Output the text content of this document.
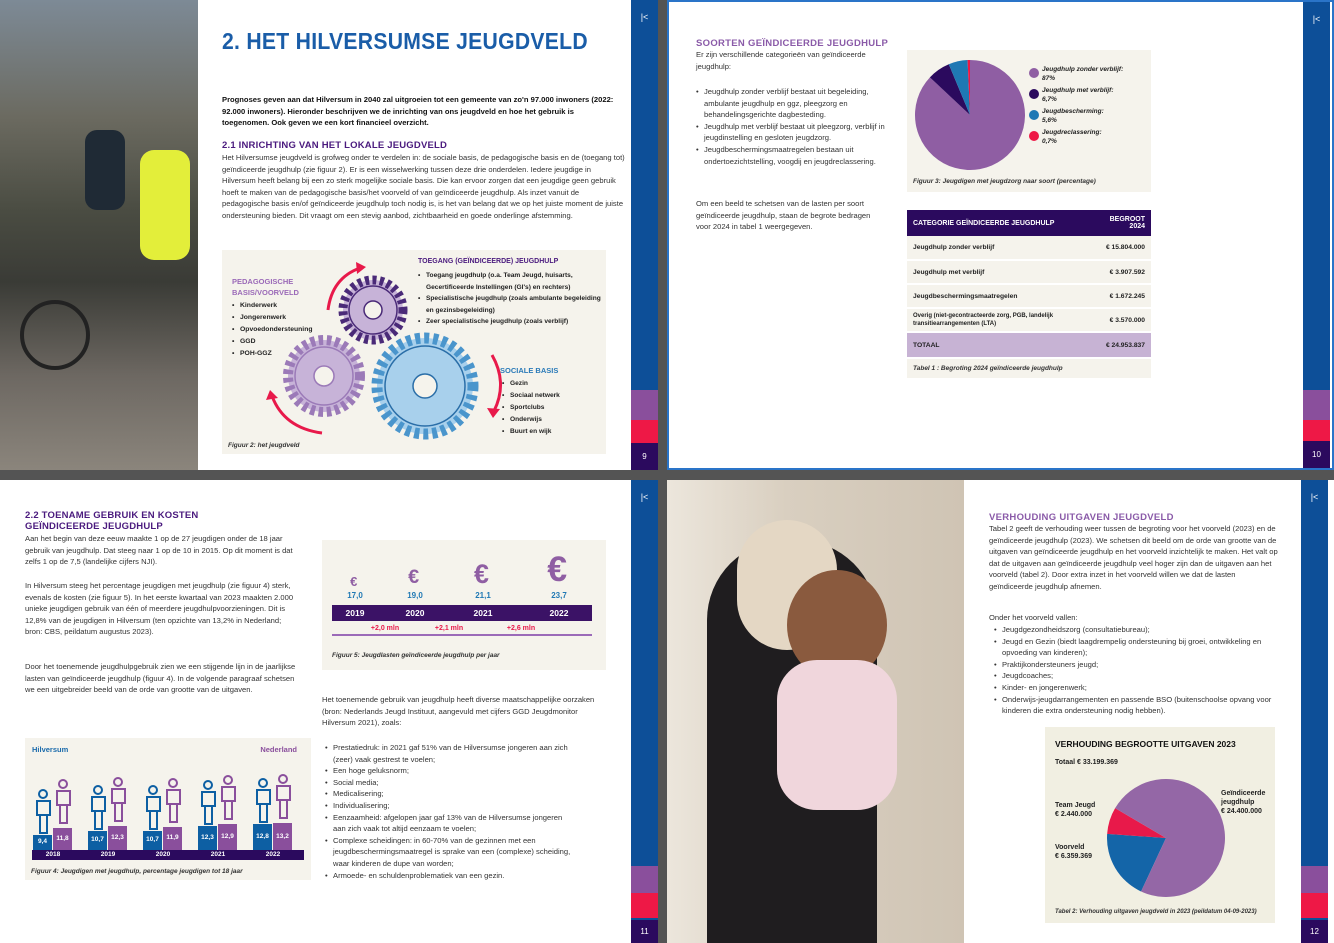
2. HET HILVERSUMSE JEUGDVELD
Prognoses geven aan dat Hilversum in 2040 zal uitgroeien tot een gemeente van zo'n 97.000 inwoners (2022: 92.000 inwoners). Hieronder beschrijven we de inrichting van ons jeugdveld en hoe het gebruik is toegenomen. Ook geven we een kort financieel overzicht.
2.1 INRICHTING VAN HET LOKALE JEUGDVELD
Het Hilversumse jeugdveld is grofweg onder te verdelen in: de sociale basis, de pedagogische basis en de (toegang tot) geïndiceerde jeugdhulp (zie figuur 2). Er is een wisselwerking tussen deze drie onderdelen. Iedere jeugdige in Hilversum heeft belang bij een zo sterk mogelijke sociale basis. Die kan ervoor zorgen dat een jeugdige geen gebruik hoeft te maken van de pedagogische basis/het voorveld of van geïndiceerde jeugdhulp. Als inzet vanuit de pedagogische basis en/of geïndiceerde jeugdhulp toch nodig is, is het van belang dat we op het juiste moment de juiste ondersteuning bieden. Dit vraagt om een stevig aanbod, zichtbaarheid en goede onderlinge afstemming.
PEDAGOGISCHE
BASIS/VOORVELD
• Kinderwerk
• Jongerenwerk
• Opvoedondersteuning
• GGD
• POH-GGZ
TOEGANG (GEÏNDICEERDE) JEUGDHULP
• Toegang jeugdhulp (o.a. Team Jeugd, huisarts, Gecertificeerde Instellingen (GI's) en rechters)
• Specialistische jeugdhulp (zoals ambulante begeleiding en gezinsbegeleiding)
• Zeer specialistische jeugdhulp (zoals verblijf)
SOCIALE BASIS
• Gezin
• Sociaal netwerk
• Sportclubs
• Onderwijs
• Buurt en wijk
Figuur 2: het jeugdveld
|<
9
SOORTEN GEÏNDICEERDE JEUGDHULP
Er zijn verschillende categorieën van geïndiceerde jeugdhulp:
• Jeugdhulp zonder verblijf bestaat uit begeleiding, ambulante jeugdhulp en ggz, pleegzorg en behandelingsgerichte dagbesteding.
• Jeugdhulp met verblijf bestaat uit pleegzorg, verblijf in jeugdinstelling en gesloten jeugdzorg.
• Jeugdbeschermingsmaatregelen bestaan uit ondertoezichtstelling, voogdij en jeugdreclassering.
Om een beeld te schetsen van de lasten per soort geïndiceerde jeugdhulp, staan de begrote bedragen voor 2024 in tabel 1 weergegeven.
Jeugdhulp zonder verblijf:
87%
Jeugdhulp met verblijf:
6,7%
Jeugdbescherming:
5,6%
Jeugdreclassering:
0,7%
Figuur 3: Jeugdigen met jeugdzorg naar soort (percentage)
CATEGORIE GEÏNDICEERDE JEUGDHULP	BEGROOT 2024
Jeugdhulp zonder verblijf	€ 15.804.000
Jeugdhulp met verblijf	€ 3.907.592
Jeugdbeschermingsmaatregelen	€ 1.672.245
Overig (niet-gecontracteerde zorg, PGB, landelijk transitiearrangementen (LTA)	€ 3.570.000
TOTAAL	€ 24.953.837
Tabel 1 : Begroting 2024 geïndiceerde jeugdhulp
|<
10
2.2 TOENAME GEBRUIK EN KOSTEN
GEÏNDICEERDE JEUGDHULP
Aan het begin van deze eeuw maakte 1 op de 27 jeugdigen onder de 18 jaar gebruik van jeugdhulp. Dat steeg naar 1 op de 10 in 2015. Op dit moment is dat zelfs 1 op de 7,5 (landelijke cijfers NJI).
In Hilversum steeg het percentage jeugdigen met jeugdhulp (zie figuur 4) sterk, evenals de kosten (zie figuur 5). In het eerste kwartaal van 2023 maakten 2.000 unieke jeugdigen gebruik van één of meerdere jeugdhulpvoorzieningen. Dit is 12,8% van de jeugdigen in Hilversum (ten opzichte van 13,2% in Nederland; bron: CBS, peildatum augustus 2023).
Door het toenemende jeugdhulpgebruik zien we een stijgende lijn in de jaarlijkse lasten van geïndiceerde jeugdhulp (figuur 4). In de volgende paragraaf schetsen we een uitgebreider beeld van de orde van grootte van de uitgaven.
€
17,0
€
19,0
€
21,1
€
23,7
2019	2020	2021	2022
+2,0 mln	+2,1 mln	+2,6 mln
Figuur 5: Jeugdlasten geïndiceerde jeugdhulp per jaar
Het toenemende gebruik van jeugdhulp heeft diverse maatschappelijke oorzaken (bron: Nederlands Jeugd Instituut, aangevuld met cijfers GGD Jeugdmonitor Hilversum 2021), zoals:
• Prestatiedruk: in 2021 gaf 51% van de Hilversumse jongeren aan zich (zeer) vaak gestrest te voelen;
• Een hoge geluksnorm;
• Social media;
• Medicalisering;
• Individualisering;
• Eenzaamheid: afgelopen jaar gaf 13% van de Hilversumse jongeren aan zich vaak tot altijd eenzaam te voelen;
• Complexe scheidingen: in 60-70% van de gezinnen met een jeugdbeschermingsmaatregel is sprake van een (complexe) scheiding, waar kinderen de dupe van worden;
• Armoede- en schuldenproblematiek van een gezin.
Hilversum	Nederland
9,4
11,8
2018
10,7	12,3
2019
10,7	11,9
2020
12,3	12,9
2021
12,8	13,2
2022
Figuur 4: Jeugdigen met jeugdhulp, percentage jeugdigen tot 18 jaar
|<
11
VERHOUDING UITGAVEN JEUGDVELD
Tabel 2 geeft de verhouding weer tussen de begroting voor het voorveld (2023) en de geïndiceerde jeugdhulp (2023). We schetsen dit beeld om de orde van grootte van de uitgaven van geïndiceerde jeugdhulp en het voorveld inzichtelijk te maken. Het valt op dat de uitgaven aan geïndiceerde jeugdhulp veel hoger zijn dan de uitgaven aan het voorveld (tabel 2). Door extra inzet in het voorveld willen we dat de lasten geïndiceerde jeugdhulp afnemen.
Onder het voorveld vallen:
• Jeugdgezondheidszorg (consultatiebureau);
• Jeugd en Gezin (biedt laagdrempelig ondersteuning bij groei, ontwikkeling en opvoeding van kinderen);
• Praktijkondersteuners jeugd;
• Jeugdcoaches;
• Kinder- en jongerenwerk;
• Onderwijs-jeugdarrangementen en passende BSO (buitenschoolse opvang voor kinderen die extra ondersteuning nodig hebben).
VERHOUDING BEGROOTTE UITGAVEN 2023
Totaal € 33.199.369
Team Jeugd
€ 2.440.000
Voorveld
€ 6.359.369
Geïndiceerde jeugdhulp
€ 24.400.000
Tabel 2: Verhouding uitgaven jeugdveld in 2023 (peildatum 04-09-2023)
|<
12
